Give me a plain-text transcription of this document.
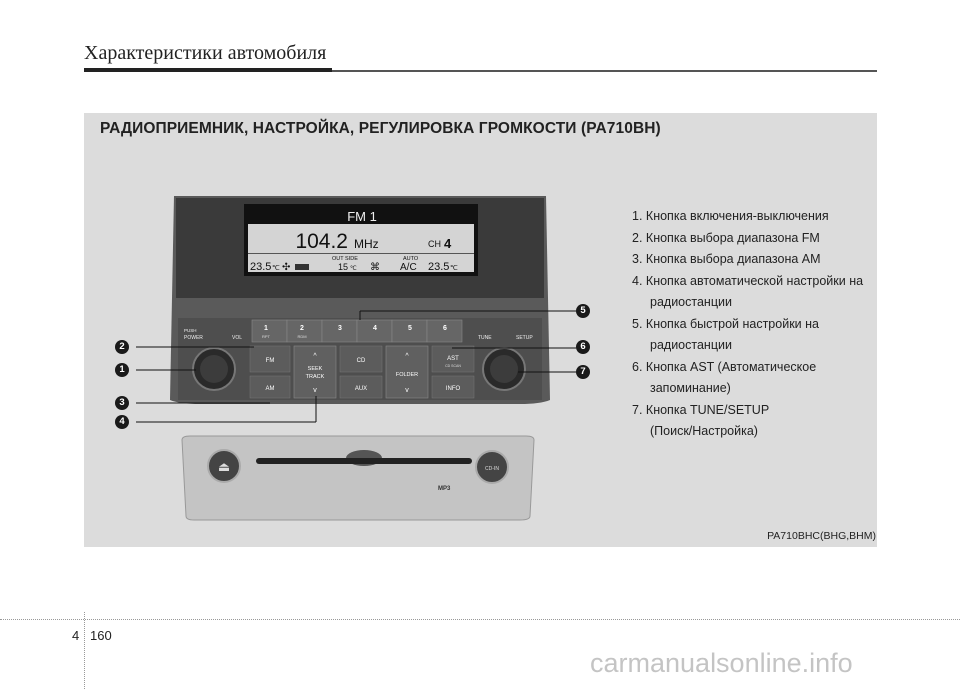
Характеристики автомобиля
РАДИОПРИЕМНИК, НАСТРОЙКА, РЕГУЛИРОВКА ГРОМКОСТИ (PA710BH)
FM 1
104.2 MHz	CH 4
23.5 ℃ ✣
OUT SIDE
15 ℃ ⌘
AUTO
A/C 23.5 ℃
1	2	3	4	5	6
RPT	RDM
PUSH
POWER	VOL
FM
AM
^
SEEK
TRACK
v
CD
AUX
^
FOLDER
v
AST
CD SCAN
INFO
TUNE	SETUP
⏏	CD-IN
MP3
2
1
3
4
5
6
7
1. Кнопка включения-выключения
2. Кнопка выбора диапазона FM
3. Кнопка выбора диапазона AM
4. Кнопка автоматической настройки на
радиостанции
5. Кнопка быстрой настройки на
радиостанции
6. Кнопка AST (Автоматическое
запоминание)
7. Кнопка TUNE/SETUP
(Поиск/Настройка)
PA710BHC(BHG,BHM)
4 160
carmanualsonline.info
